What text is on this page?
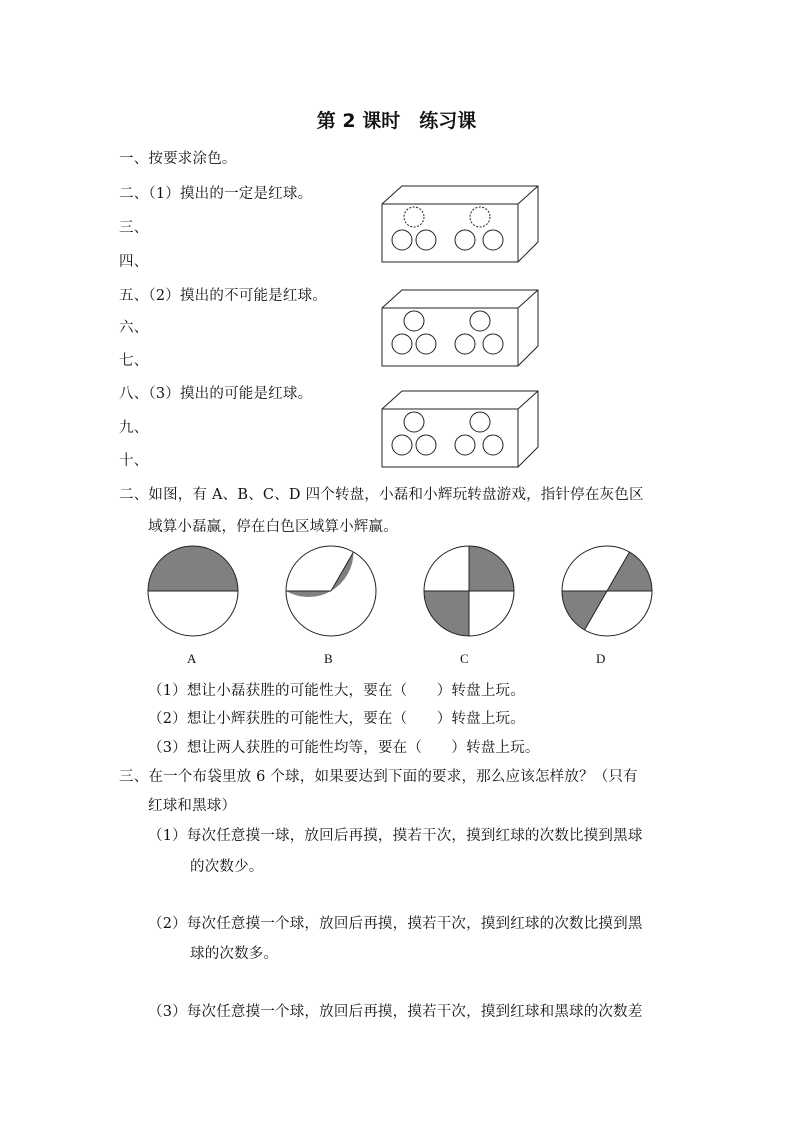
第 2 课时　练习课
一、按要求涂色。
二、（1）摸出的一定是红球。
三、
四、
五、（2）摸出的不可能是红球。
六、
七、
八、（3）摸出的可能是红球。
九、
十、
二、如图，有 A、B、C、D 四个转盘，小磊和小辉玩转盘游戏，指针停在灰色区
域算小磊赢，停在白色区域算小辉赢。
A	B	C	D
（1）想让小磊获胜的可能性大，要在（　　）转盘上玩。
（2）想让小辉获胜的可能性大，要在（　　）转盘上玩。
（3）想让两人获胜的可能性均等，要在（　　）转盘上玩。
三、在一个布袋里放 6 个球，如果要达到下面的要求，那么应该怎样放？（只有
红球和黑球）
（1）每次任意摸一球，放回后再摸，摸若干次，摸到红球的次数比摸到黑球
的次数少。
（2）每次任意摸一个球，放回后再摸，摸若干次，摸到红球的次数比摸到黑
球的次数多。
（3）每次任意摸一个球，放回后再摸，摸若干次，摸到红球和黑球的次数差
